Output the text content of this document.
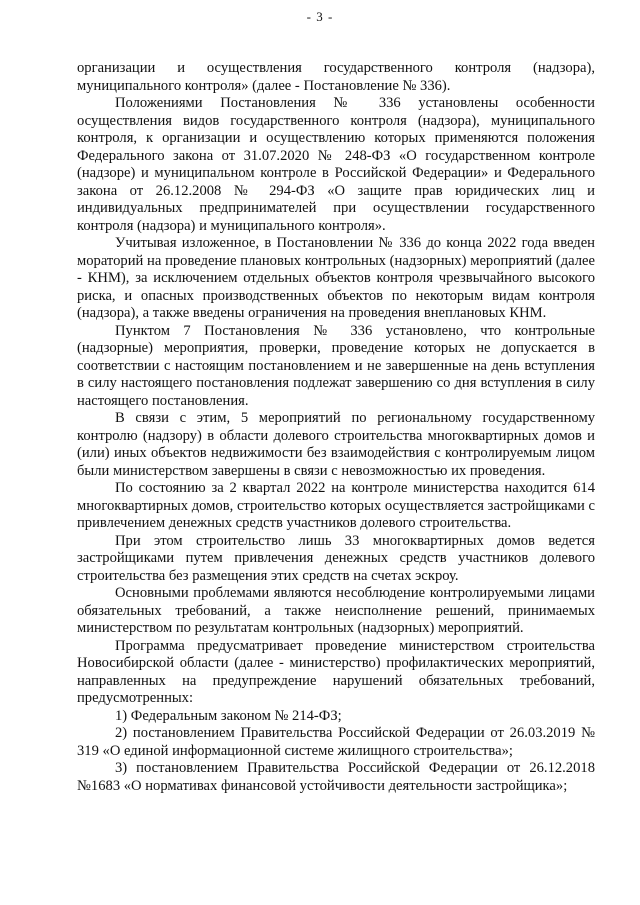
- 3 -

организации и осуществления государственного контроля (надзора), муниципального контроля» (далее - Постановление № 336).

Положениями Постановления № 336 установлены особенности осуществления видов государственного контроля (надзора), муниципального контроля, к организации и осуществлению которых применяются положения Федерального закона от 31.07.2020 № 248-ФЗ «О государственном контроле (надзоре) и муниципальном контроле в Российской Федерации» и Федерального закона от 26.12.2008 № 294-ФЗ «О защите прав юридических лиц и индивидуальных предпринимателей при осуществлении государственного контроля (надзора) и муниципального контроля».

Учитывая изложенное, в Постановлении № 336 до конца 2022 года введен мораторий на проведение плановых контрольных (надзорных) мероприятий (далее - КНМ), за исключением отдельных объектов контроля чрезвычайного высокого риска, и опасных производственных объектов по некоторым видам контроля (надзора), а также введены ограничения на проведения внеплановых КНМ.

Пунктом 7 Постановления № 336 установлено, что контрольные (надзорные) мероприятия, проверки, проведение которых не допускается в соответствии с настоящим постановлением и не завершенные на день вступления в силу настоящего постановления подлежат завершению со дня вступления в силу настоящего постановления.

В связи с этим, 5 мероприятий по региональному государственному контролю (надзору) в области долевого строительства многоквартирных домов и (или) иных объектов недвижимости без взаимодействия с контролируемым лицом были министерством завершены в связи с невозможностью их проведения.

По состоянию за 2 квартал 2022 на контроле министерства находится 614 многоквартирных домов, строительство которых осуществляется застройщиками с привлечением денежных средств участников долевого строительства.

При этом строительство лишь 33 многоквартирных домов ведется застройщиками путем привлечения денежных средств участников долевого строительства без размещения этих средств на счетах эскроу.

Основными проблемами являются несоблюдение контролируемыми лицами обязательных требований, а также неисполнение решений, принимаемых министерством по результатам контрольных (надзорных) мероприятий.

Программа предусматривает проведение министерством строительства Новосибирской области (далее - министерство) профилактических мероприятий, направленных на предупреждение нарушений обязательных требований, предусмотренных:

1) Федеральным законом № 214-ФЗ;

2) постановлением Правительства Российской Федерации от 26.03.2019 № 319 «О единой информационной системе жилищного строительства»;

3) постановлением Правительства Российской Федерации от 26.12.2018 №1683 «О нормативах финансовой устойчивости деятельности застройщика»;
